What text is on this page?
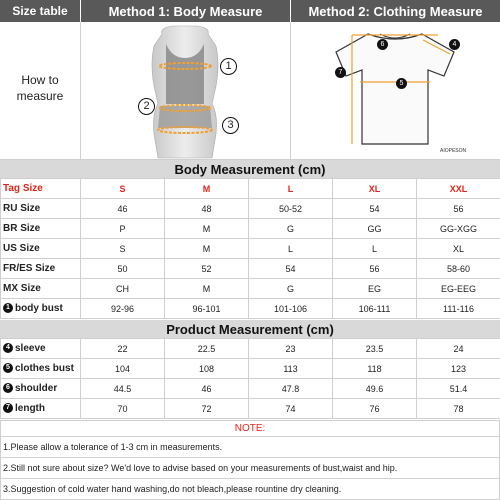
Size table	Method 1: Body Measure	Method 2: Clothing Measure
How to measure
1
2
3
6	4
7
5
AIOPESON
Body Measurement (cm)
Tag Size	S	M	L	XL	XXL
RU Size	46	48	50-52	54	56
BR Size	P	M	G	GG	GG-XGG
US Size	S	M	L	L	XL
FR/ES Size	50	52	54	56	58-60
MX Size	CH	M	G	EG	EG-EEG
1 body bust	92-96	96-101	101-106	106-111	111-116
Product Measurement (cm)
4 sleeve	22	22.5	23	23.5	24
5 clothes bust	104	108	113	118	123
6 shoulder	44.5	46	47.8	49.6	51.4
7 length	70	72	74	76	78
NOTE:
1.Please allow a tolerance of 1-3 cm in measurements.
2.Still not sure about size? We'd love to advise based on your measurements of bust,waist and hip.
3.Suggestion of cold water hand washing,do not bleach,please rountine dry cleaning.
